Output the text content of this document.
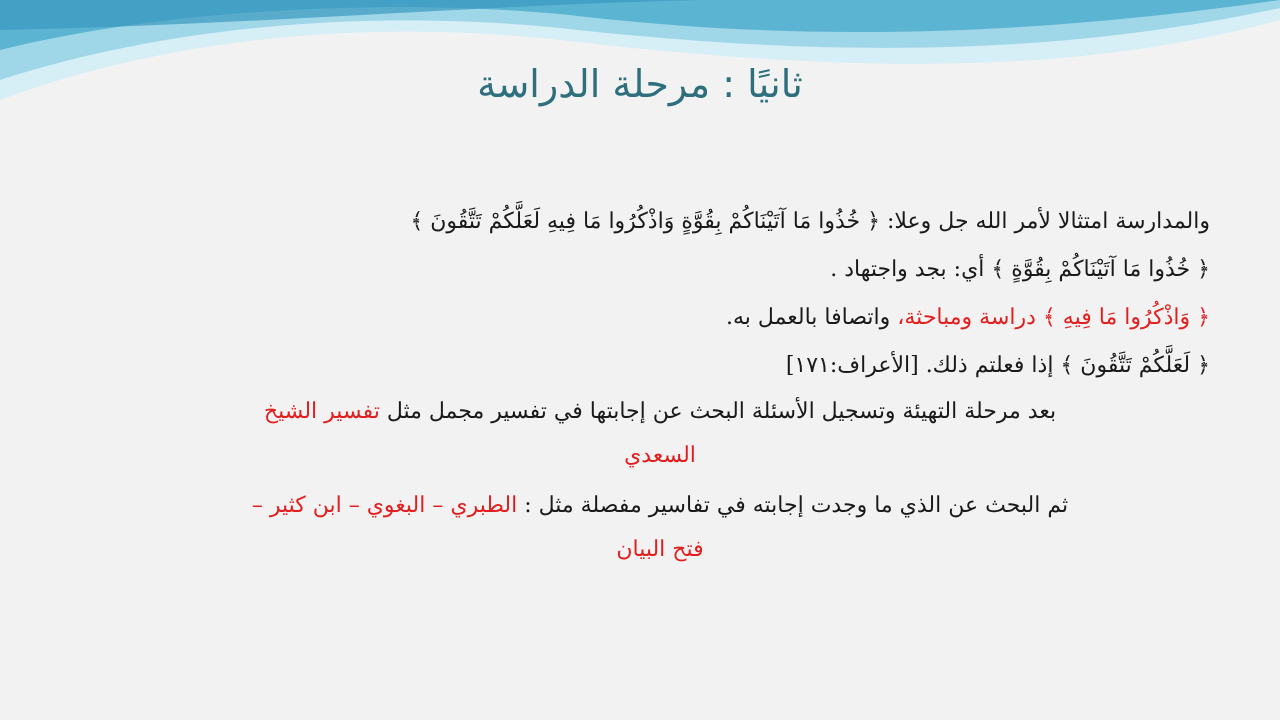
ثانيًا : مرحلة الدراسة
والمدارسة امتثالا لأمر الله جل وعلا: ﴿ خُذُوا مَا آتَيْنَاكُمْ بِقُوَّةٍ وَاذْكُرُوا مَا فِيهِ لَعَلَّكُمْ تَتَّقُونَ ﴾
﴿ خُذُوا مَا آتَيْنَاكُمْ بِقُوَّةٍ ﴾ أي: بجد واجتهاد .
﴿ وَاذْكُرُوا مَا فِيهِ ﴾ دراسة ومباحثة، واتصافا بالعمل به.
﴿ لَعَلَّكُمْ تَتَّقُونَ ﴾ إذا فعلتم ذلك. [الأعراف:١٧١]
بعد مرحلة التهيئة وتسجيل الأسئلة البحث عن إجابتها في تفسير مجمل مثل تفسير الشيخ
السعدي
ثم البحث عن الذي ما وجدت إجابته في تفاسير مفصلة مثل : الطبري – البغوي – ابن كثير –
فتح البيان
